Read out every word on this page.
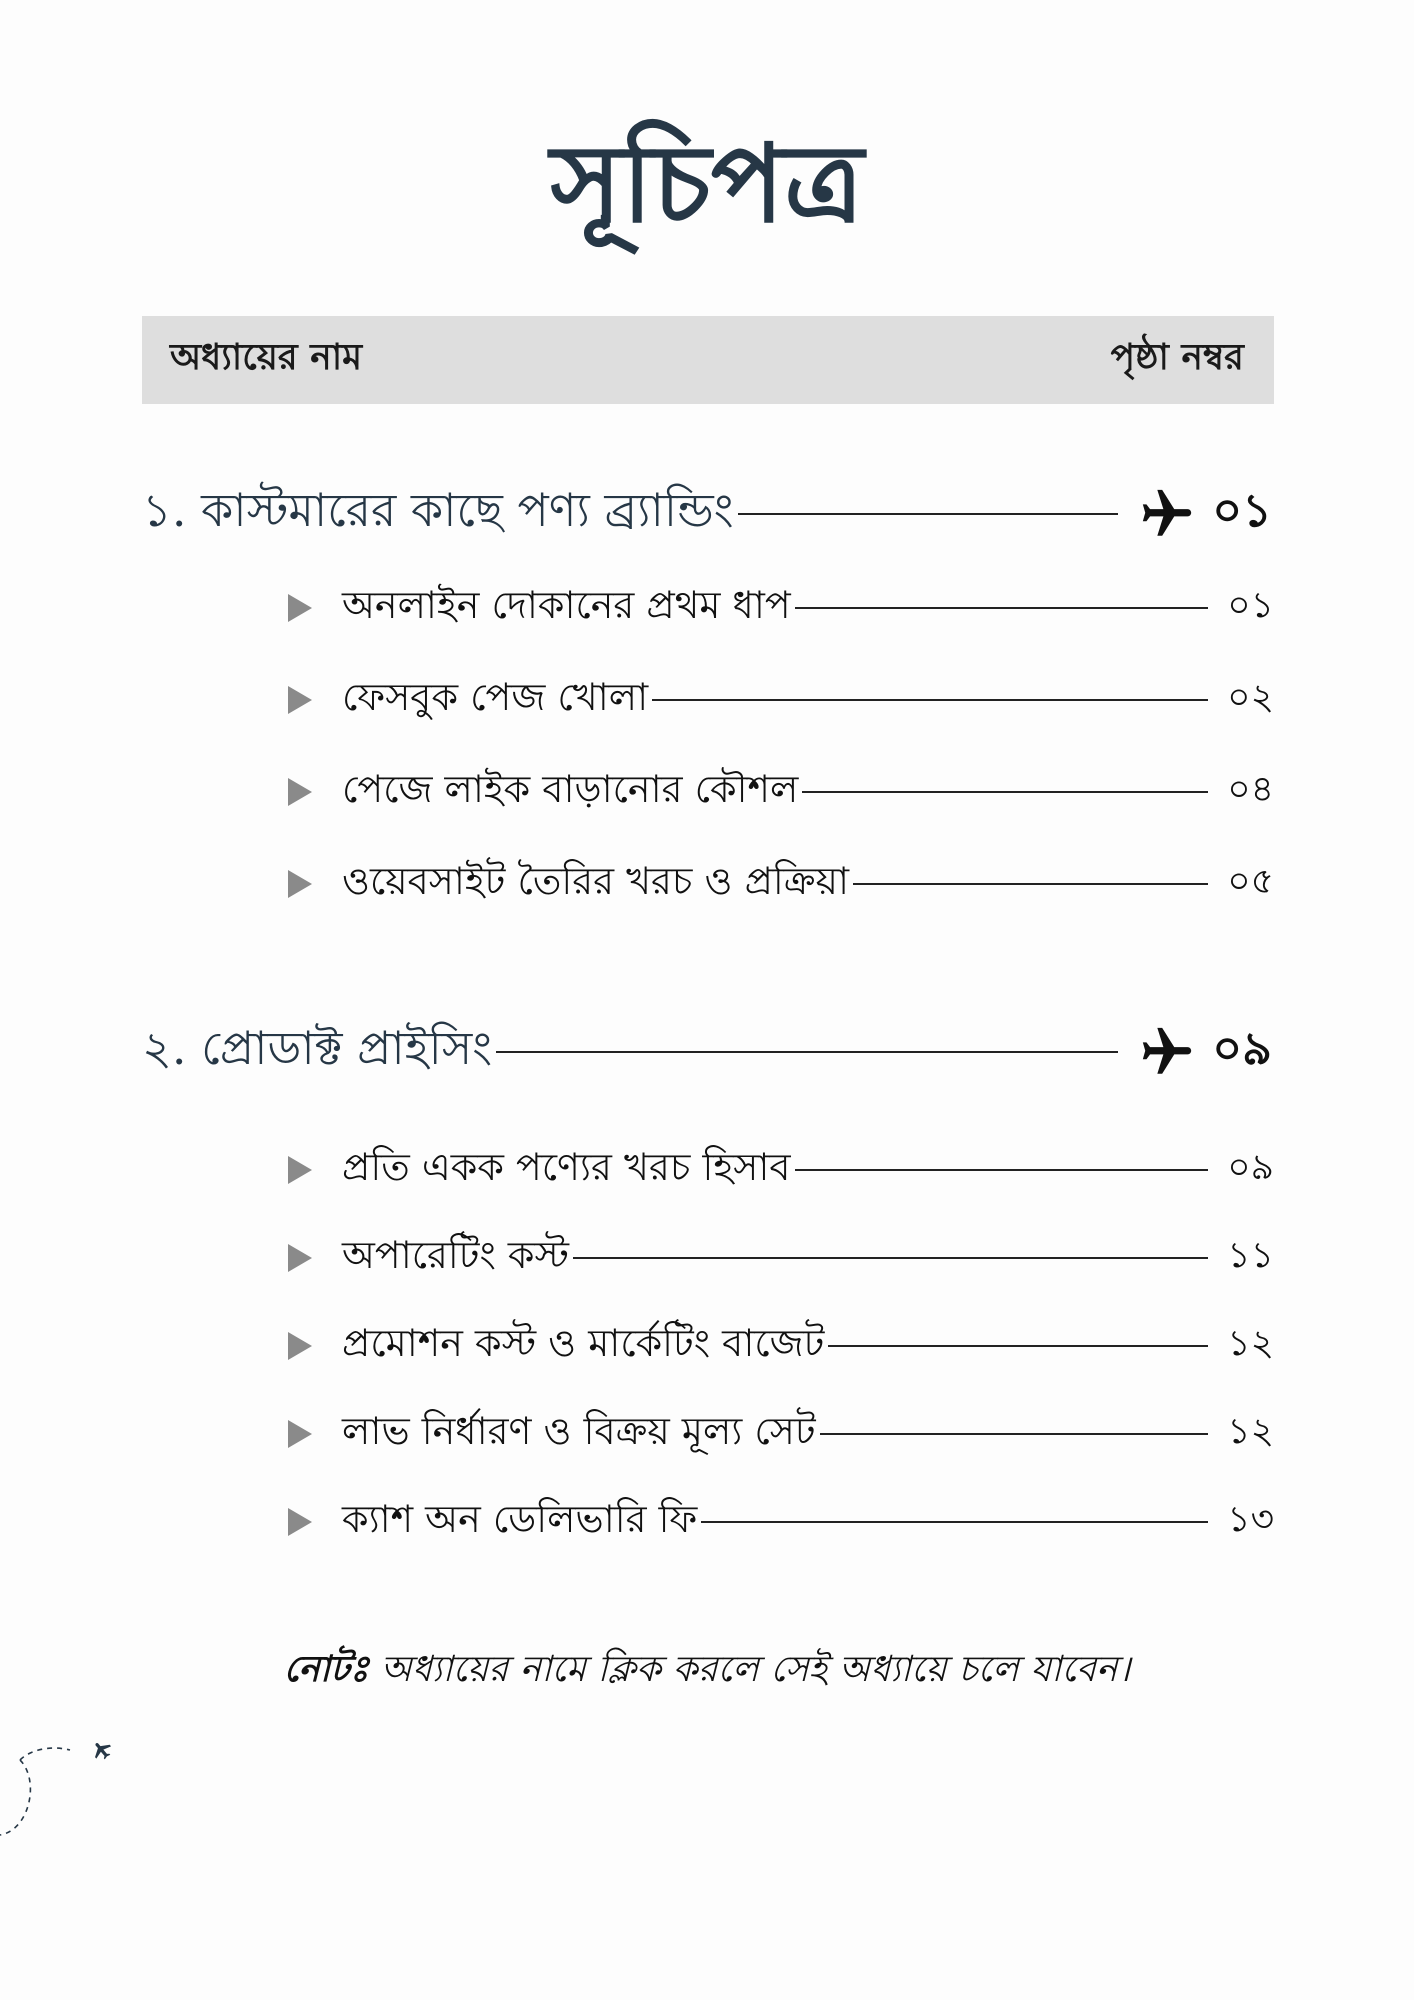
সূচিপত্র
অধ্যায়ের নাম	পৃষ্ঠা নম্বর
১. কাস্টমারের কাছে পণ্য ব্র্যান্ডিং	০১
অনলাইন দোকানের প্রথম ধাপ	০১
ফেসবুক পেজ খোলা	০২
পেজে লাইক বাড়ানোর কৌশল	০৪
ওয়েবসাইট তৈরির খরচ ও প্রক্রিয়া	০৫
২. প্রোডাক্ট প্রাইসিং	০৯
প্রতি একক পণ্যের খরচ হিসাব	০৯
অপারেটিং কস্ট	১১
প্রমোশন কস্ট ও মার্কেটিং বাজেট	১২
লাভ নির্ধারণ ও বিক্রয় মূল্য সেট	১২
ক্যাশ অন ডেলিভারি ফি	১৩
নোটঃ অধ্যায়ের নামে ক্লিক করলে সেই অধ্যায়ে চলে যাবেন।
